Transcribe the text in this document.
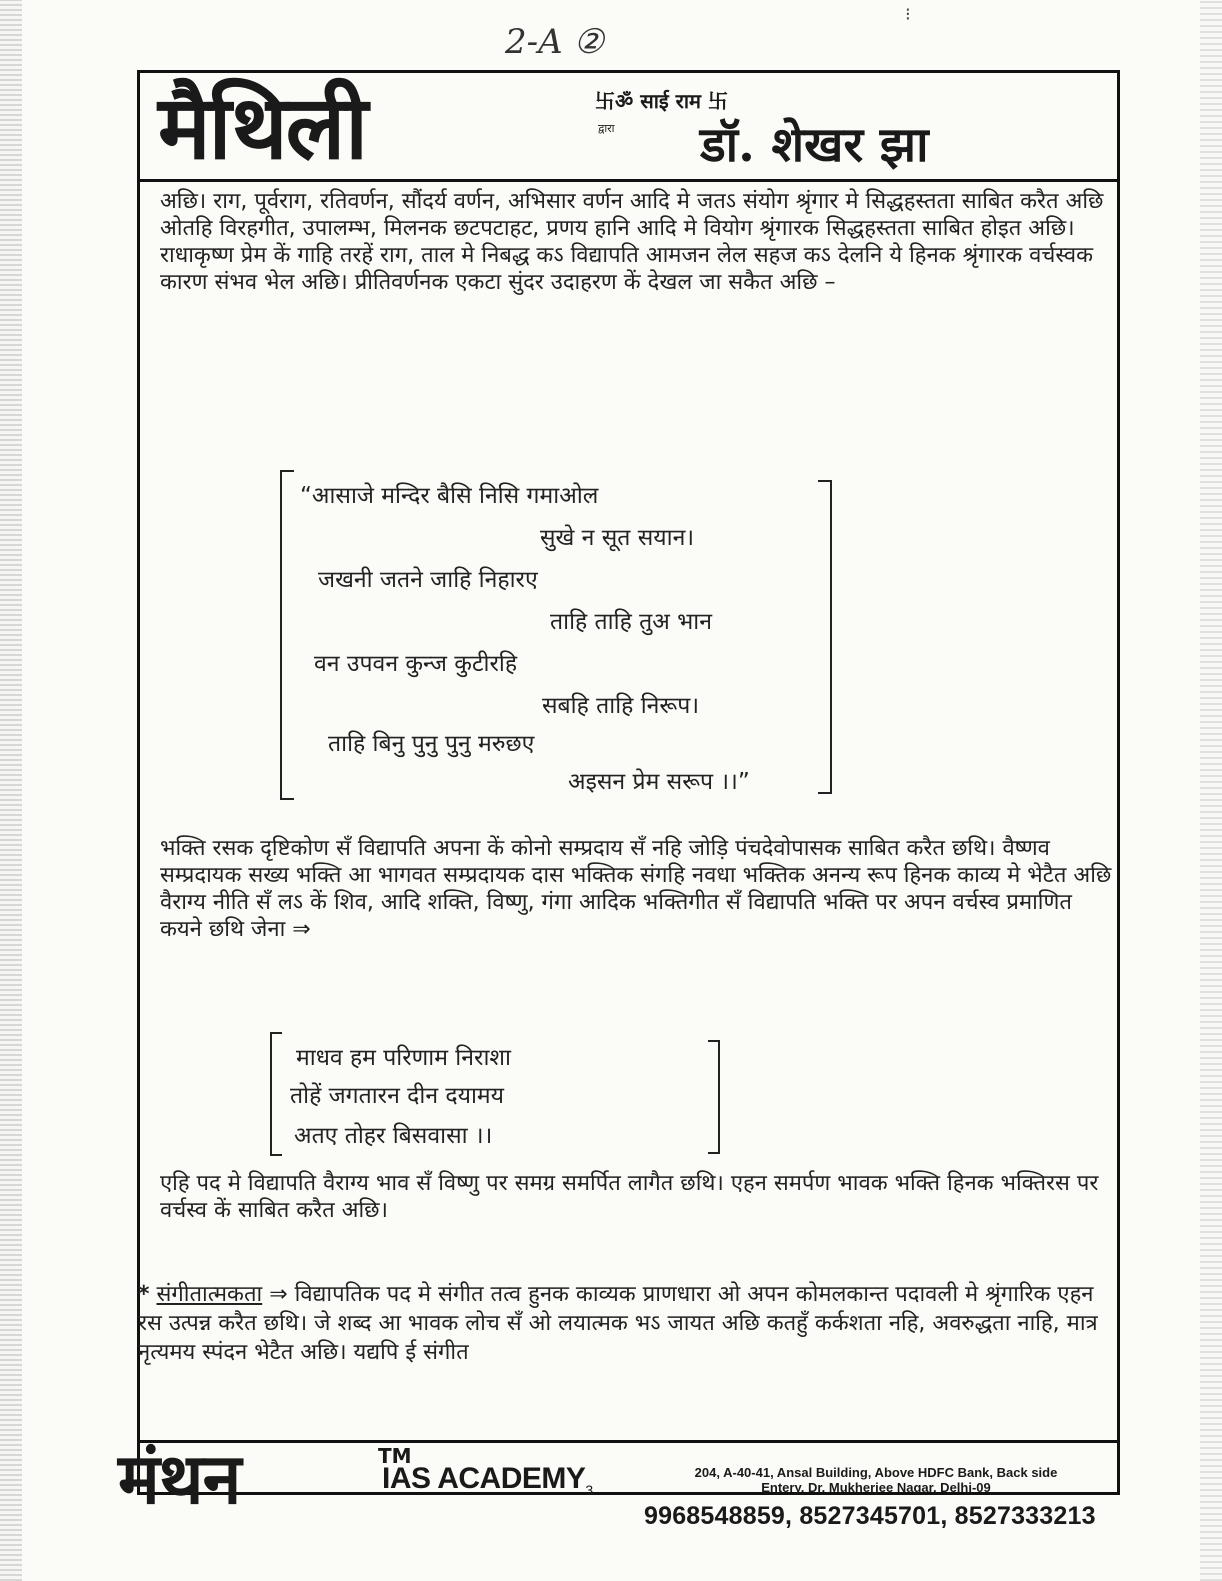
2-A ②
⁝
मैथिली	卐ॐ साई राम 卐
द्वारा डॉ. शेखर झा
अछि। राग, पूर्वराग, रतिवर्णन, सौंदर्य वर्णन, अभिसार वर्णन आदि मे जतऽ संयोग श्रृंगार मे सिद्धहस्तता साबित करैत अछि ओतहि विरहगीत, उपालम्भ, मिलनक छटपटाहट, प्रणय हानि आदि मे वियोग श्रृंगारक सिद्धहस्तता साबित होइत अछि। राधाकृष्ण प्रेम कें गाहि तरहें राग, ताल मे निबद्ध कऽ विद्यापति आमजन लेल सहज कऽ देलनि ये हिनक श्रृंगारक वर्चस्वक कारण संभव भेल अछि। प्रीतिवर्णनक एकटा सुंदर उदाहरण कें देखल जा सकैत अछि –
“आसाजे मन्दिर बैसि निसि गमाओल
सुखे न सूत सयान।
जखनी जतने जाहि निहारए
ताहि ताहि तुअ भान
वन उपवन कुन्ज कुटीरहि
सबहि ताहि निरूप।
ताहि बिनु पुनु पुनु मरुछए
अइसन प्रेम सरूप ।।”
भक्ति रसक दृष्टिकोण सँ विद्यापति अपना कें कोनो सम्प्रदाय सँ नहि जोड़ि पंचदेवोपासक साबित करैत छथि। वैष्णव सम्प्रदायक सख्य भक्ति आ भागवत सम्प्रदायक दास भक्तिक संगहि नवधा भक्तिक अनन्य रूप हिनक काव्य मे भेटैत अछि वैराग्य नीति सँ लऽ कें शिव, आदि शक्ति, विष्णु, गंगा आदिक भक्तिगीत सँ विद्यापति भक्ति पर अपन वर्चस्व प्रमाणित कयने छथि जेना ⇒
माधव हम परिणाम निराशा
तोहें जगतारन दीन दयामय
अतए तोहर बिसवासा ।।
एहि पद मे विद्यापति वैराग्य भाव सँ विष्णु पर समग्र समर्पित लागैत छथि। एहन समर्पण भावक भक्ति हिनक भक्तिरस पर वर्चस्व कें साबित करैत अछि।
* संगीतात्मकता ⇒ विद्यापतिक पद मे संगीत तत्व हुनक काव्यक प्राणधारा ओ अपन कोमलकान्त पदावली मे श्रृंगारिक एहन रस उत्पन्न करैत छथि। जे शब्द आ भावक लोच सँ ओ लयात्मक भऽ जायत अछि कतहुँ कर्कशता नहि, अवरुद्धता नाहि, मात्र नृत्यमय स्पंदन भेटैत अछि। यद्यपि ई संगीत
मंथन	TM
IAS $ACADEMY_3$
204, A-40-41, Ansal Building, Above HDFC Bank, Back side
Entery, Dr. Mukherjee Nagar, Delhi-09
9968548859, 8527345701, 8527333213
